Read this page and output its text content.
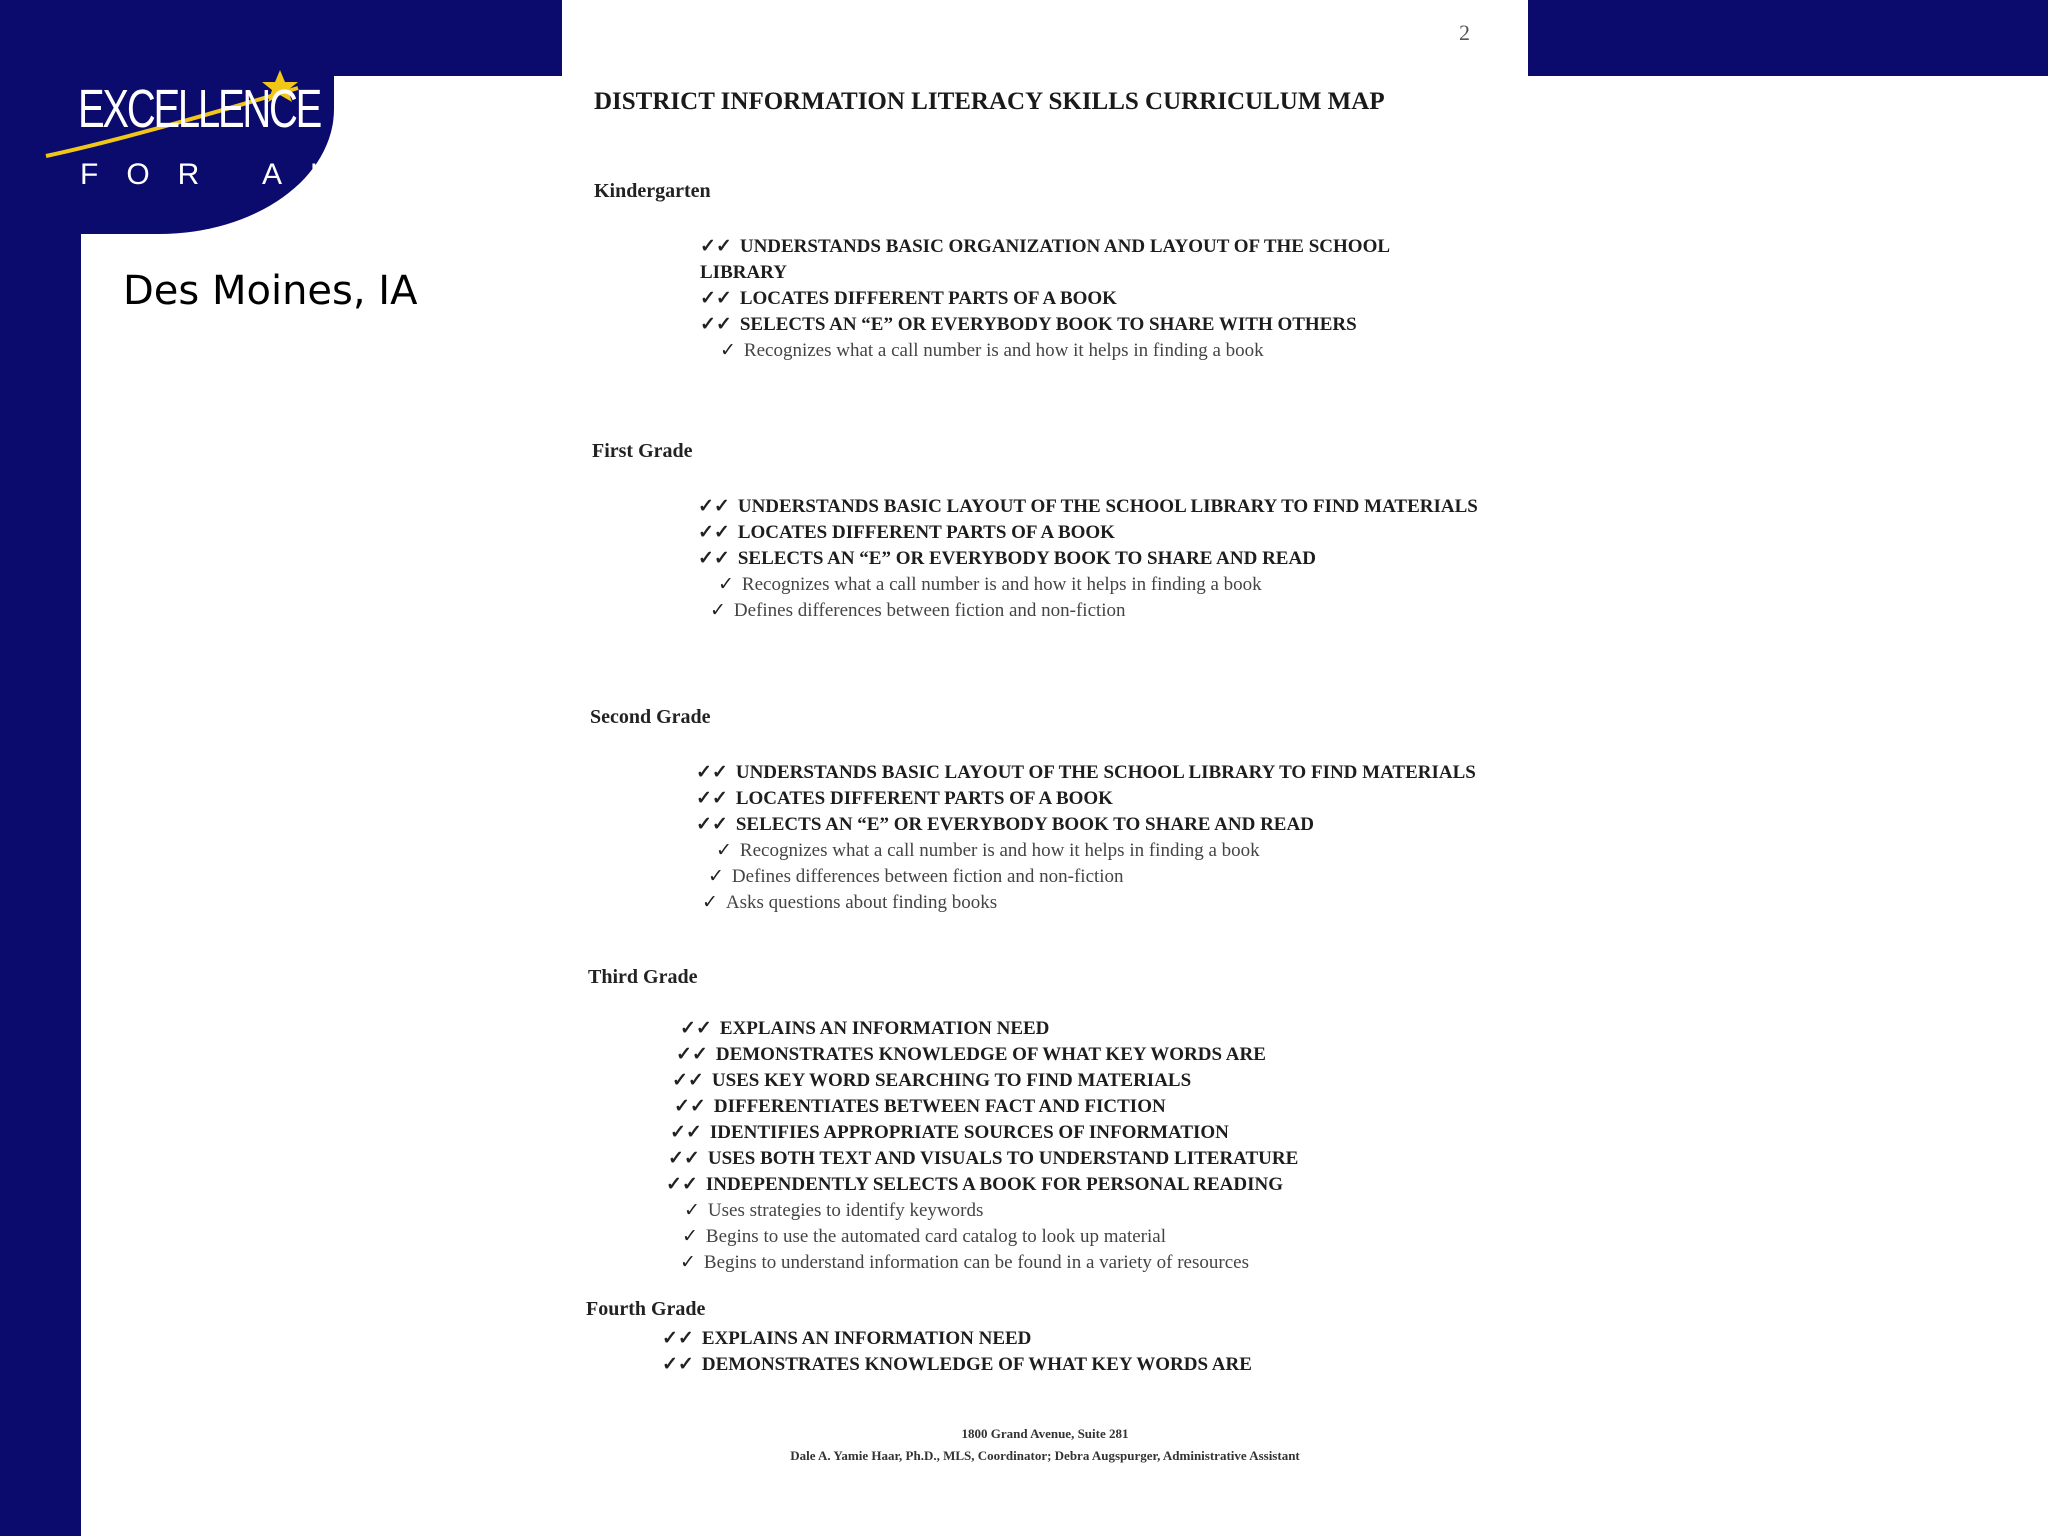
EXCELLENCE
FOR ALL
Des Moines, IA
2
DISTRICT INFORMATION LITERACY SKILLS CURRICULUM MAP
Kindergarten
✓✓ UNDERSTANDS BASIC ORGANIZATION AND LAYOUT OF THE SCHOOL LIBRARY
✓✓ LOCATES DIFFERENT PARTS OF A BOOK
✓✓ SELECTS AN “E” OR EVERYBODY BOOK TO SHARE WITH OTHERS
✓ Recognizes what a call number is and how it helps in finding a book
First Grade
✓✓ UNDERSTANDS BASIC LAYOUT OF THE SCHOOL LIBRARY TO FIND MATERIALS
✓✓ LOCATES DIFFERENT PARTS OF A BOOK
✓✓ SELECTS AN “E” OR EVERYBODY BOOK TO SHARE AND READ
✓ Recognizes what a call number is and how it helps in finding a book
✓ Defines differences between fiction and non-fiction
Second Grade
✓✓ UNDERSTANDS BASIC LAYOUT OF THE SCHOOL LIBRARY TO FIND MATERIALS
✓✓ LOCATES DIFFERENT PARTS OF A BOOK
✓✓ SELECTS AN “E” OR EVERYBODY BOOK TO SHARE AND READ
✓ Recognizes what a call number is and how it helps in finding a book
✓ Defines differences between fiction and non-fiction
✓ Asks questions about finding books
Third Grade
✓✓ EXPLAINS AN INFORMATION NEED
✓✓ DEMONSTRATES KNOWLEDGE OF WHAT KEY WORDS ARE
✓✓ USES KEY WORD SEARCHING TO FIND MATERIALS
✓✓ DIFFERENTIATES BETWEEN FACT AND FICTION
✓✓ IDENTIFIES APPROPRIATE SOURCES OF INFORMATION
✓✓ USES BOTH TEXT AND VISUALS TO UNDERSTAND LITERATURE
✓✓ INDEPENDENTLY SELECTS A BOOK FOR PERSONAL READING
✓ Uses strategies to identify keywords
✓ Begins to use the automated card catalog to look up material
✓ Begins to understand information can be found in a variety of resources
Fourth Grade
✓✓ EXPLAINS AN INFORMATION NEED
✓✓ DEMONSTRATES KNOWLEDGE OF WHAT KEY WORDS ARE
1800 Grand Avenue, Suite 281
Dale A. Yamie Haar, Ph.D., MLS, Coordinator; Debra Augspurger, Administrative Assistant
